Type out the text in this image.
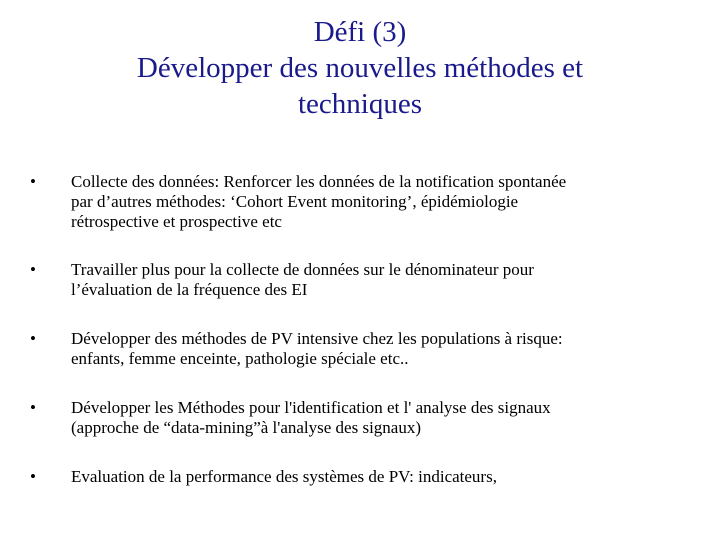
Défi (3)
Développer des nouvelles méthodes et
techniques
•	Collecte des données: Renforcer les données de la notification spontanée
par d’autres méthodes: ‘Cohort Event monitoring’, épidémiologie
rétrospective et prospective etc
•	Travailler plus pour la collecte de données sur le dénominateur pour
l’évaluation de la fréquence des EI
•	Développer des méthodes de PV intensive chez les populations à risque:
enfants, femme enceinte, pathologie spéciale etc..
•	Développer les Méthodes pour l'identification et l' analyse des signaux
(approche de “data-mining”à l'analyse des signaux)
•	Evaluation de la performance des systèmes de PV: indicateurs,
